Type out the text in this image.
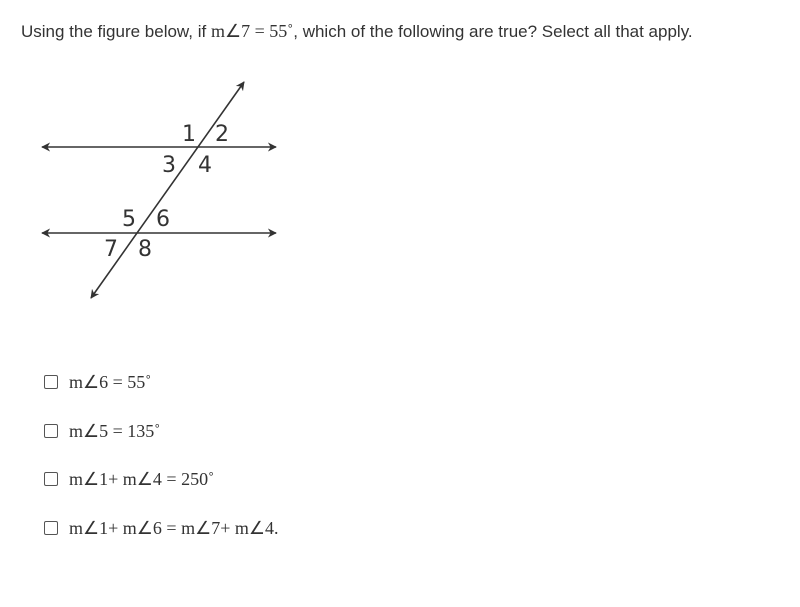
Using the figure below, if m∠7 = 55˚, which of the following are true? Select all that apply.
1 2
3 4
5 6
7 8
m∠6 = 55˚
m∠5 = 135˚
m∠1+ m∠4 = 250˚
m∠1+ m∠6 = m∠7+ m∠4.
